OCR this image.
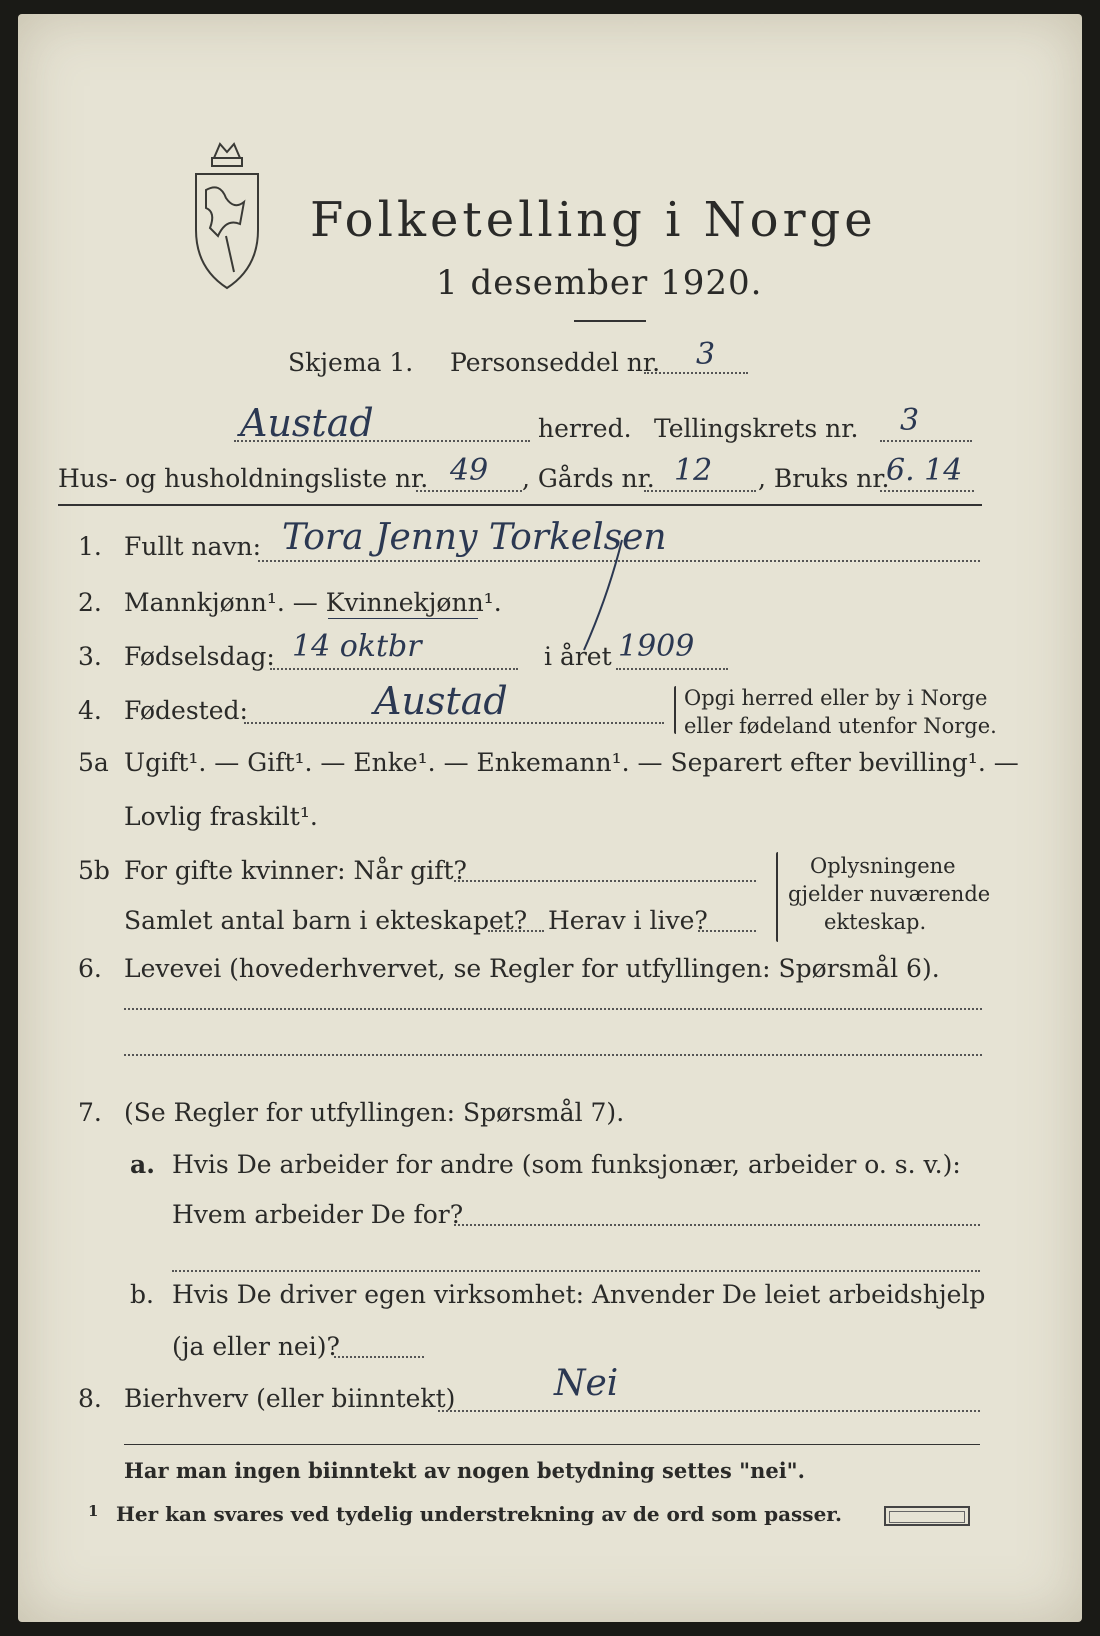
Folketelling i Norge
1 desember 1920.
Skjema 1. Personseddel nr. 3
Austad	herred. Tellingskrets nr. 3
Hus- og husholdningsliste nr. 49 , Gårds nr. 12 , Bruks nr.
6. 14
1. Fullt navn: Tora Jenny Torkelsen
2. Mannkjønn¹. — Kvinnekjønn¹.
3. Fødselsdag: 14 oktbr	i året 1909
4. Fødested:	Austad	Opgi herred eller by i Norge
eller fødeland utenfor Norge.
5a Ugift¹. — Gift¹. — Enke¹. — Enkemann¹. — Separert efter bevilling¹. —
Lovlig fraskilt¹.
5b For gifte kvinner: Når gift?
Samlet antal barn i ekteskapet? Herav i live?
Oplysningene
gjelder nuværende
ekteskap.
6. Levevei (hovederhvervet, se Regler for utfyllingen: Spørsmål 6).
7. (Se Regler for utfyllingen: Spørsmål 7).
a. Hvis De arbeider for andre (som funksjonær, arbeider o. s. v.):
Hvem arbeider De for?
b. Hvis De driver egen virksomhet: Anvender De leiet arbeidshjelp
(ja eller nei)?
8. Bierhverv (eller biinntekt)	Nei
Har man ingen biinntekt av nogen betydning settes "nei".
1 Her kan svares ved tydelig understrekning av de ord som passer.
